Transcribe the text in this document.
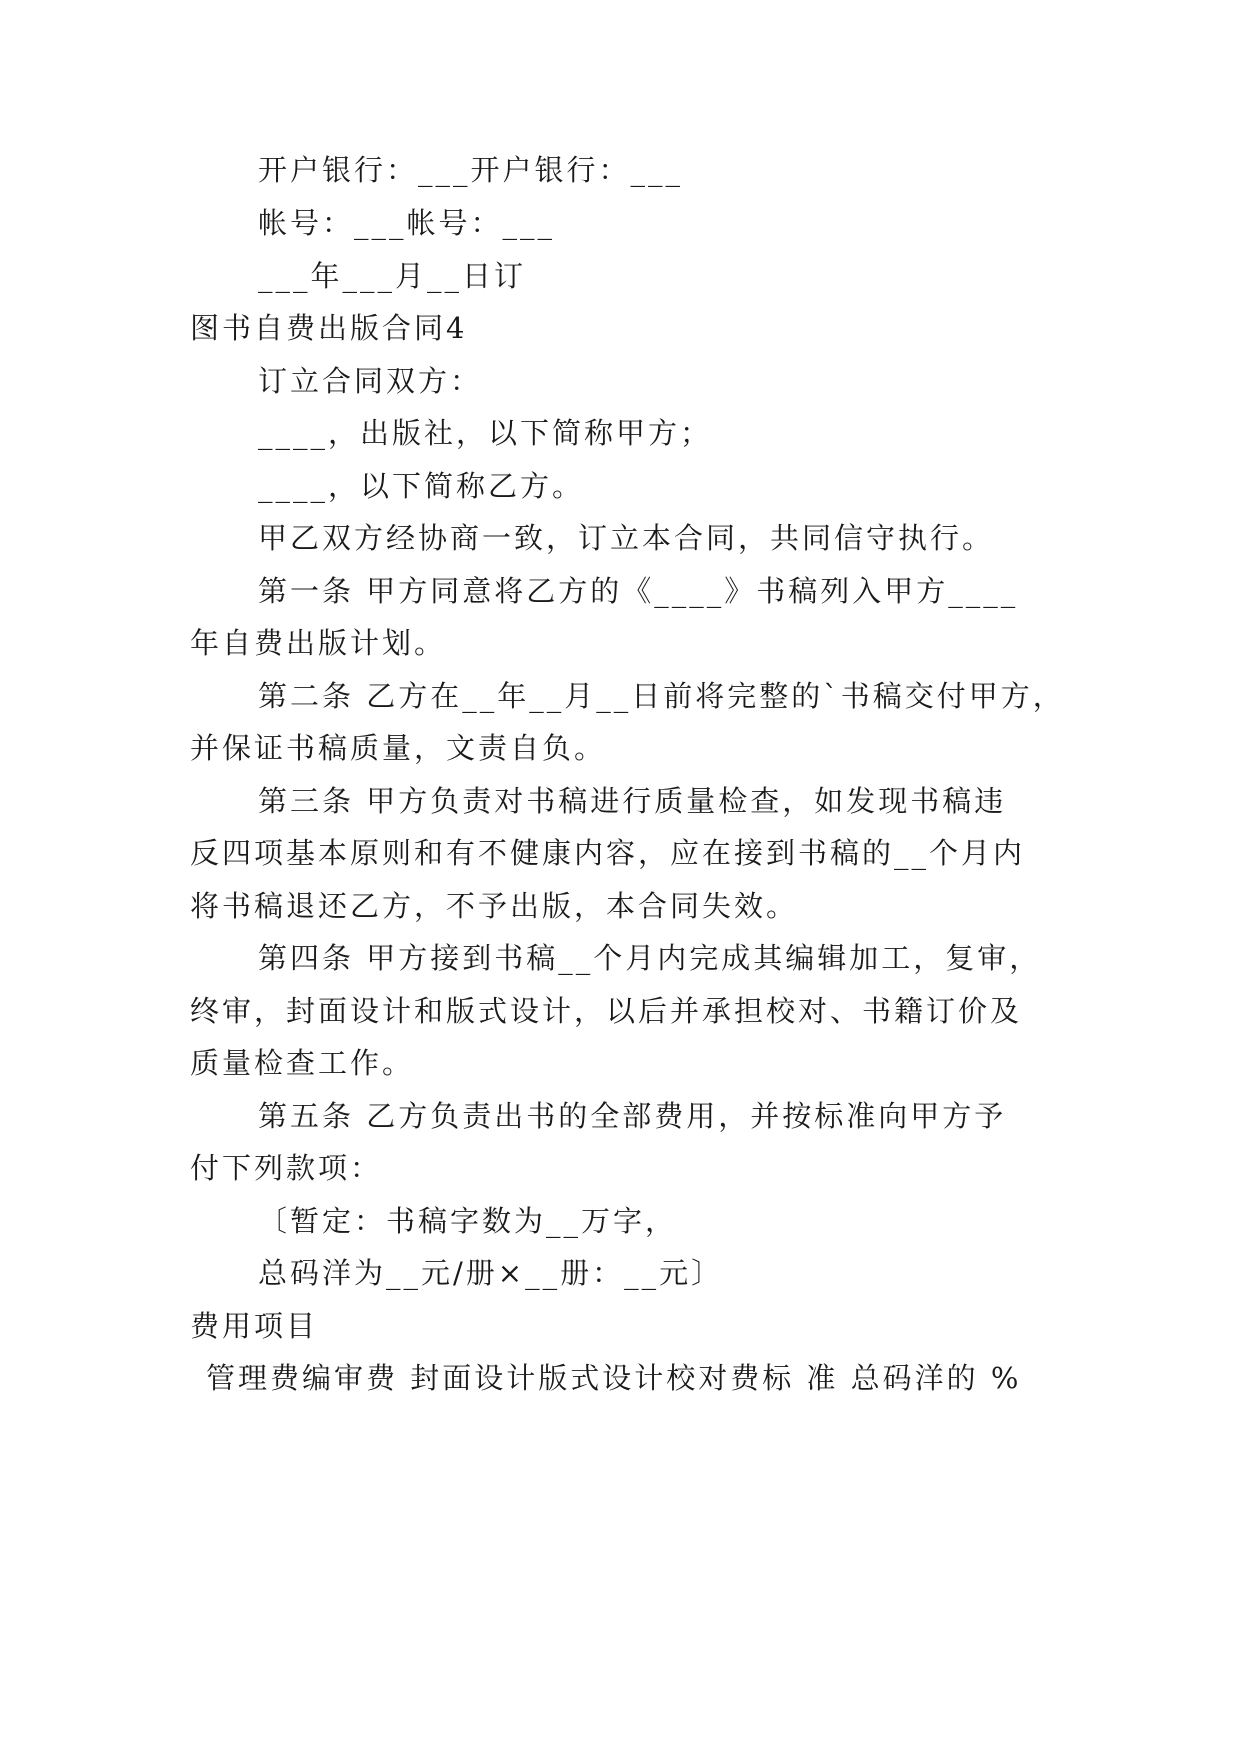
开户银行：___开户银行：___
帐号：___帐号：___
___年___月__日订
图书自费出版合同4
订立合同双方：
____，出版社，以下简称甲方；
____，以下简称乙方。
甲乙双方经协商一致，订立本合同，共同信守执行。
第一条 甲方同意将乙方的《____》书稿列入甲方____
年自费出版计划。
第二条 乙方在__年__月__日前将完整的`书稿交付甲方，
并保证书稿质量，文责自负。
第三条 甲方负责对书稿进行质量检查，如发现书稿违
反四项基本原则和有不健康内容，应在接到书稿的__个月内
将书稿退还乙方，不予出版，本合同失效。
第四条 甲方接到书稿__个月内完成其编辑加工，复审，
终审，封面设计和版式设计，以后并承担校对、书籍订价及
质量检查工作。
第五条 乙方负责出书的全部费用，并按标准向甲方予
付下列款项：
〔暂定：书稿字数为__万字，
总码洋为__元/册×__册：__元〕
费用项目
管理费编审费 封面设计版式设计校对费标 准 总码洋的 %
